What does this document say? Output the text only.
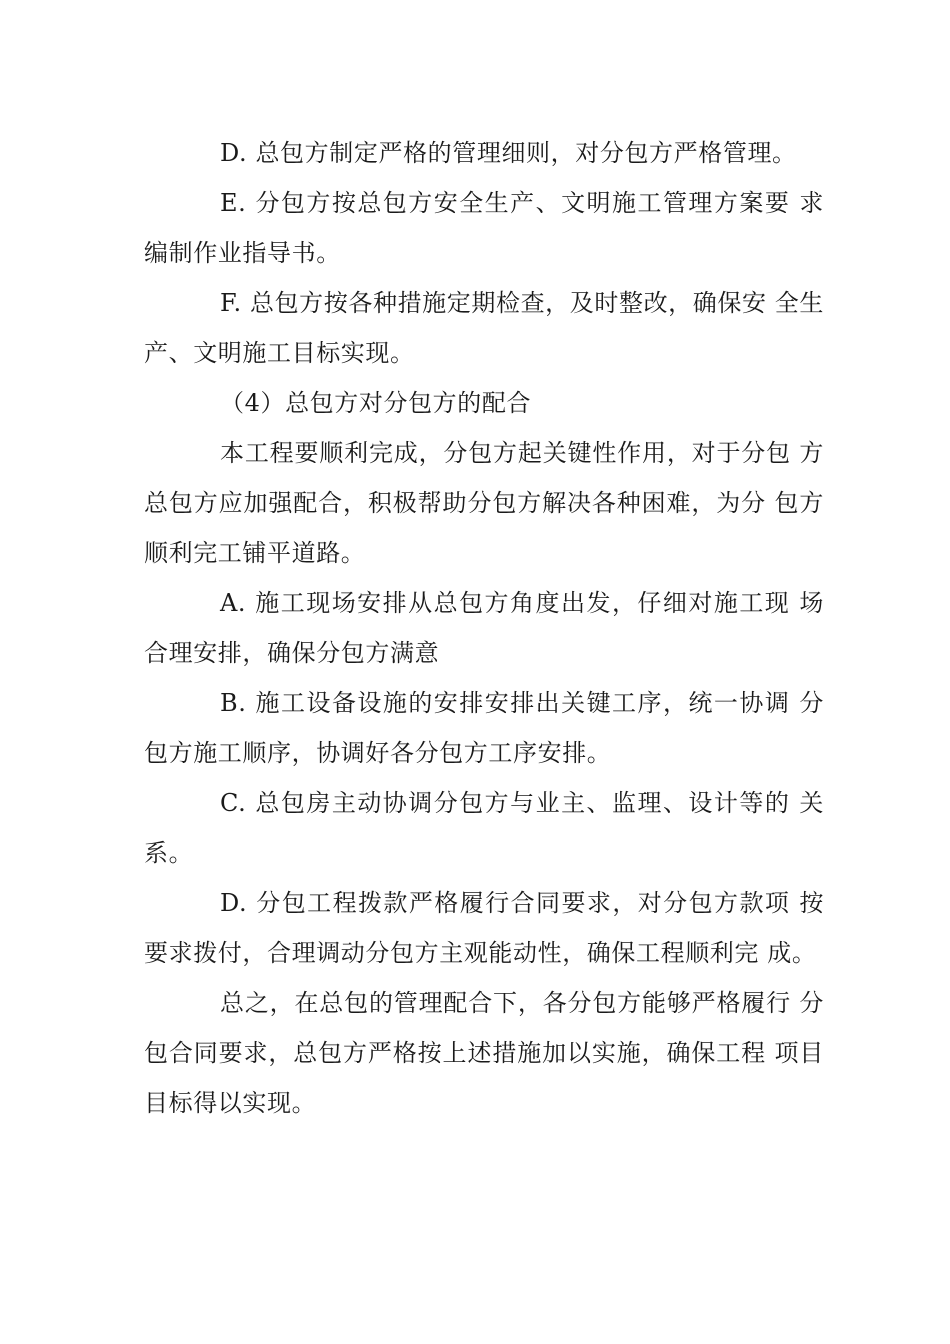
D. 总包方制定严格的管理细则，对分包方严格管理。

E. 分包方按总包方安全生产、文明施工管理方案要 求编制作业指导书。

F. 总包方按各种措施定期检查，及时整改，确保安 全生产、文明施工目标实现。

（4）总包方对分包方的配合

本工程要顺利完成，分包方起关键性作用，对于分包 方总包方应加强配合，积极帮助分包方解决各种困难，为分 包方顺利完工铺平道路。

A. 施工现场安排从总包方角度出发，仔细对施工现 场合理安排，确保分包方满意

B. 施工设备设施的安排安排出关键工序，统一协调 分包方施工顺序，协调好各分包方工序安排。

C. 总包房主动协调分包方与业主、监理、设计等的 关系。

D. 分包工程拨款严格履行合同要求，对分包方款项 按要求拨付，合理调动分包方主观能动性，确保工程顺利完 成。

总之，在总包的管理配合下，各分包方能够严格履行 分包合同要求，总包方严格按上述措施加以实施，确保工程 项目目标得以实现。
